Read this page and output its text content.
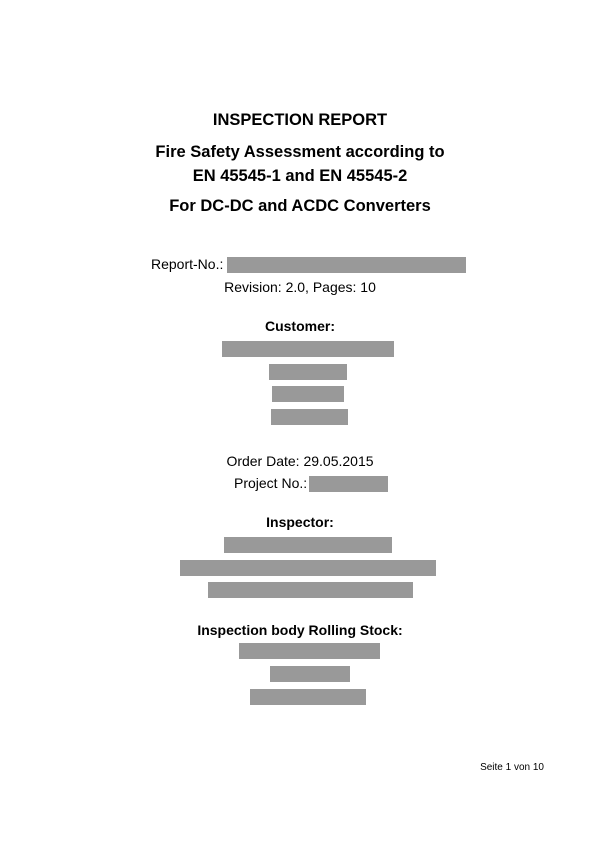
INSPECTION REPORT
Fire Safety Assessment according to
EN 45545-1 and EN 45545-2
For DC-DC and ACDC Converters
Report-No.:
Revision: 2.0, Pages: 10
Customer:
Order Date: 29.05.2015
Project No.:
Inspector:
Inspection body Rolling Stock:
Seite 1 von 10
